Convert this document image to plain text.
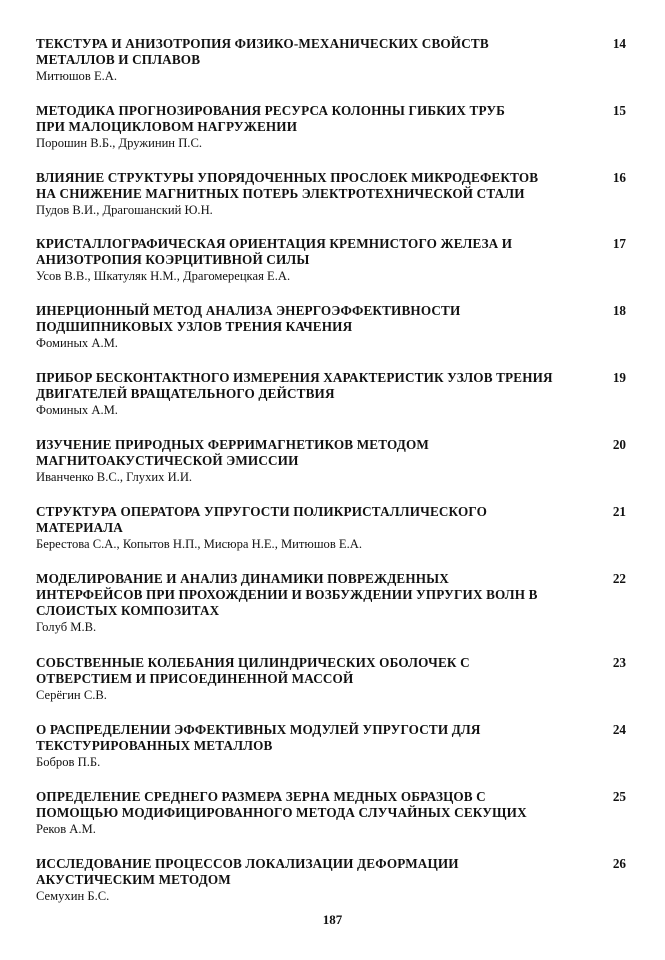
ТЕКСТУРА И АНИЗОТРОПИЯ ФИЗИКО-МЕХАНИЧЕСКИХ СВОЙСТВ
МЕТАЛЛОВ И СПЛАВОВ

Митюшов Е.А.

14

МЕТОДИКА ПРОГНОЗИРОВАНИЯ РЕСУРСА КОЛОННЫ ГИБКИХ ТРУБ
ПРИ МАЛОЦИКЛОВОМ НАГРУЖЕНИИ

Порошин В.Б., Дружинин П.С.

15

ВЛИЯНИЕ СТРУКТУРЫ УПОРЯДОЧЕННЫХ ПРОСЛОЕК МИКРОДЕФЕКТОВ
НА СНИЖЕНИЕ МАГНИТНЫХ ПОТЕРЬ ЭЛЕКТРОТЕХНИЧЕСКОЙ СТАЛИ

Пудов В.И., Драгошанский Ю.Н.

16

КРИСТАЛЛОГРАФИЧЕСКАЯ ОРИЕНТАЦИЯ КРЕМНИСТОГО ЖЕЛЕЗА И
АНИЗОТРОПИЯ КОЭРЦИТИВНОЙ СИЛЫ

Усов В.В., Шкатуляк Н.М., Драгомерецкая Е.А.

17

ИНЕРЦИОННЫЙ МЕТОД АНАЛИЗА ЭНЕРГОЭФФЕКТИВНОСТИ
ПОДШИПНИКОВЫХ УЗЛОВ ТРЕНИЯ КАЧЕНИЯ

Фоминых А.М.

18

ПРИБОР БЕСКОНТАКТНОГО ИЗМЕРЕНИЯ ХАРАКТЕРИСТИК УЗЛОВ ТРЕНИЯ
ДВИГАТЕЛЕЙ ВРАЩАТЕЛЬНОГО ДЕЙСТВИЯ

Фоминых А.М.

19

ИЗУЧЕНИЕ ПРИРОДНЫХ ФЕРРИМАГНЕТИКОВ МЕТОДОМ
МАГНИТОАКУСТИЧЕСКОЙ ЭМИССИИ

Иванченко В.С., Глухих И.И.

20

СТРУКТУРА ОПЕРАТОРА УПРУГОСТИ ПОЛИКРИСТАЛЛИЧЕСКОГО
МАТЕРИАЛА

Берестова С.А., Копытов Н.П., Мисюра Н.Е., Митюшов Е.А.

21

МОДЕЛИРОВАНИЕ И АНАЛИЗ ДИНАМИКИ ПОВРЕЖДЕННЫХ
ИНТЕРФЕЙСОВ ПРИ ПРОХОЖДЕНИИ И ВОЗБУЖДЕНИИ УПРУГИХ ВОЛН В
СЛОИСТЫХ КОМПОЗИТАХ

Голуб М.В.

22

СОБСТВЕННЫЕ КОЛЕБАНИЯ ЦИЛИНДРИЧЕСКИХ ОБОЛОЧЕК С
ОТВЕРСТИЕМ И ПРИСОЕДИНЕННОЙ МАССОЙ

Серёгин С.В.

23

О РАСПРЕДЕЛЕНИИ ЭФФЕКТИВНЫХ МОДУЛЕЙ УПРУГОСТИ ДЛЯ
ТЕКСТУРИРОВАННЫХ МЕТАЛЛОВ

Бобров П.Б.

24

ОПРЕДЕЛЕНИЕ СРЕДНЕГО РАЗМЕРА ЗЕРНА МЕДНЫХ ОБРАЗЦОВ С
ПОМОЩЬЮ МОДИФИЦИРОВАННОГО МЕТОДА СЛУЧАЙНЫХ СЕКУЩИХ

Реков А.М.

25

ИССЛЕДОВАНИЕ ПРОЦЕССОВ ЛОКАЛИЗАЦИИ ДЕФОРМАЦИИ
АКУСТИЧЕСКИМ МЕТОДОМ

Семухин Б.С.

26
187
